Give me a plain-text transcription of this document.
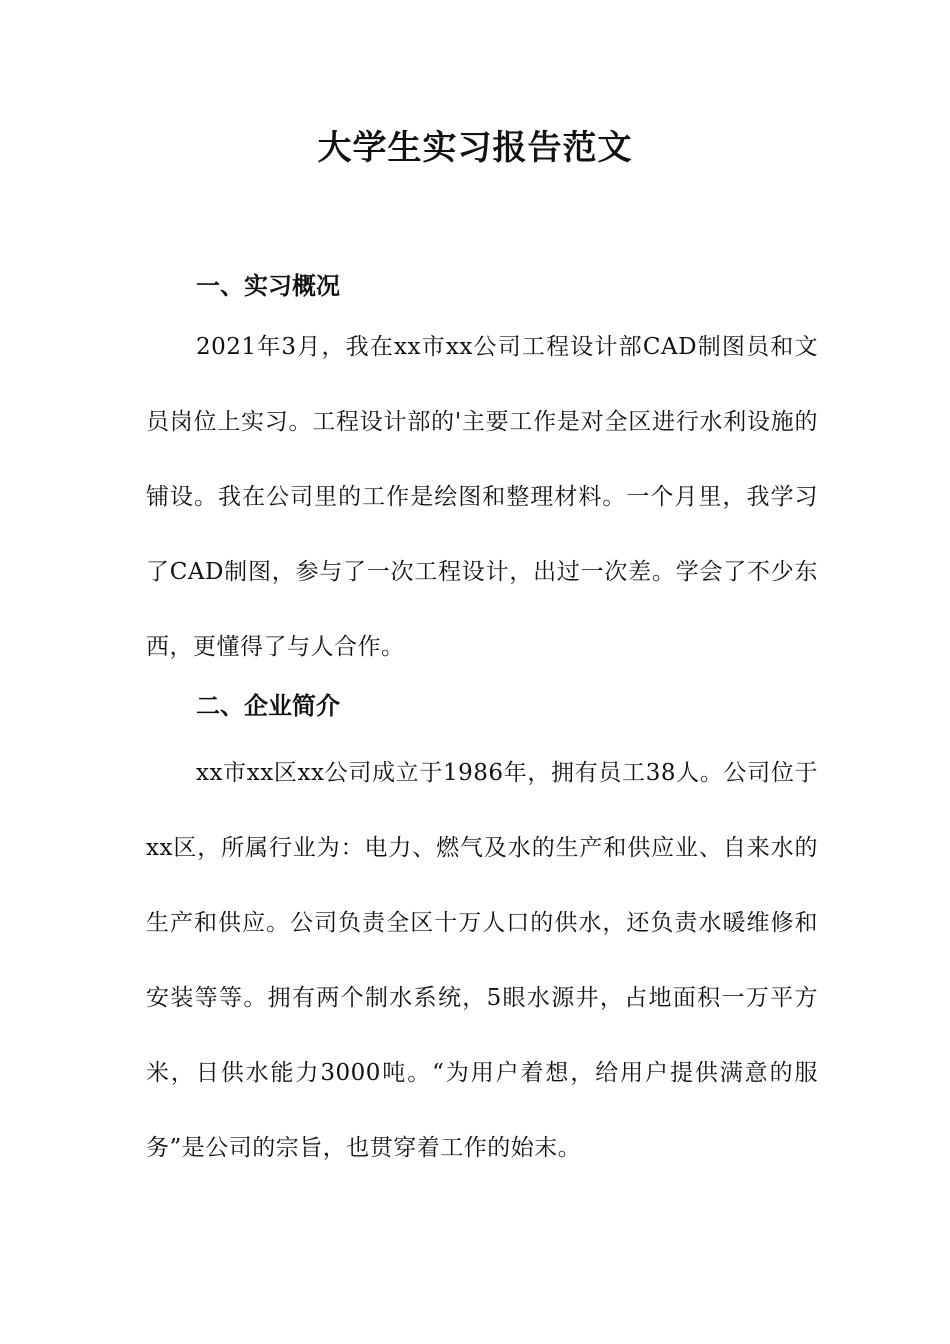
大学生实习报告范文
一、实习概况

2021年3月，我在xx市xx公司工程设计部CAD制图员和文员岗位上实习。工程设计部的'主要工作是对全区进行水利设施的铺设。我在公司里的工作是绘图和整理材料。一个月里，我学习了CAD制图，参与了一次工程设计，出过一次差。学会了不少东西，更懂得了与人合作。

二、企业简介

xx市xx区xx公司成立于1986年，拥有员工38人。公司位于xx区，所属行业为：电力、燃气及水的生产和供应业、自来水的生产和供应。公司负责全区十万人口的供水，还负责水暖维修和安装等等。拥有两个制水系统，5眼水源井，占地面积一万平方米，日供水能力3000吨。“为用户着想，给用户提供满意的服务”是公司的宗旨，也贯穿着工作的始末。
